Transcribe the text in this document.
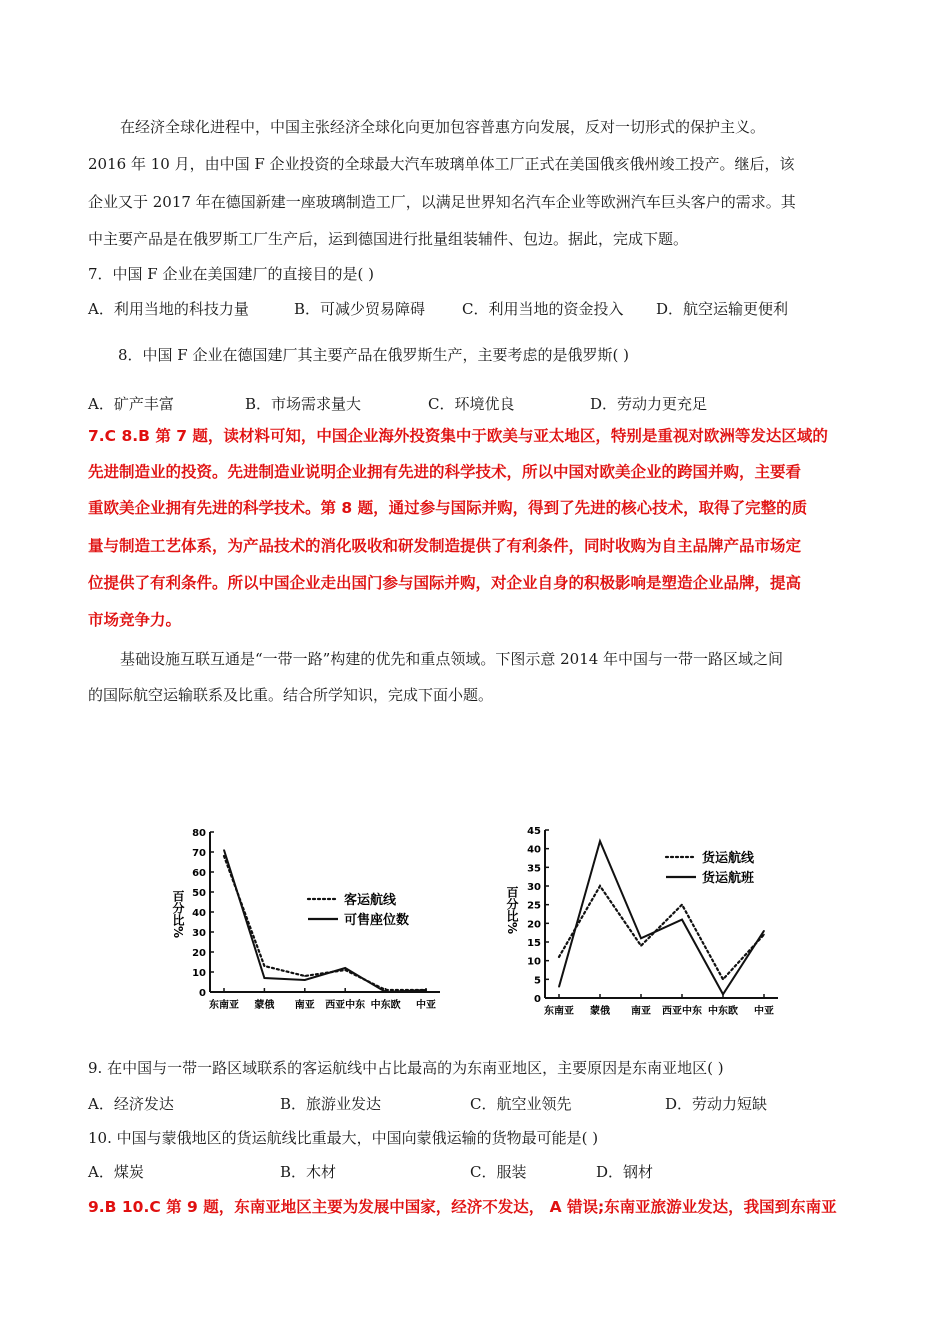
在经济全球化进程中，中国主张经济全球化向更加包容普惠方向发展，反对一切形式的保护主义。
2016 年 10 月，由中国 F 企业投资的全球最大汽车玻璃单体工厂正式在美国俄亥俄州竣工投产。继后，该
企业又于 2017 年在德国新建一座玻璃制造工厂，以满足世界知名汽车企业等欧洲汽车巨头客户的需求。其
中主要产品是在俄罗斯工厂生产后，运到德国进行批量组装辅件、包边。据此，完成下题。
7．中国 F 企业在美国建厂的直接目的是( )
A．利用当地的科技力量	B．可减少贸易障碍 C．利用当地的资金投入 D．航空运输更便利
8．中国 F 企业在德国建厂其主要产品在俄罗斯生产，主要考虑的是俄罗斯( )
A．矿产丰富	B．市场需求量大	C．环境优良	D．劳动力更充足
7.C 8.B 第 7 题，读材料可知，中国企业海外投资集中于欧美与亚太地区，特别是重视对欧洲等发达区域的
先进制造业的投资。先进制造业说明企业拥有先进的科学技术，所以中国对欧美企业的跨国并购，主要看
重欧美企业拥有先进的科学技术。第 8 题，通过参与国际并购，得到了先进的核心技术，取得了完整的质
量与制造工艺体系，为产品技术的消化吸收和研发制造提供了有利条件，同时收购为自主品牌产品市场定
位提供了有利条件。所以中国企业走出国门参与国际并购，对企业自身的积极影响是塑造企业品牌，提高
市场竞争力。
基础设施互联互通是“一带一路”构建的优先和重点领域。下图示意 2014 年中国与一带一路区域之间
的国际航空运输联系及比重。结合所学知识，完成下面小题。
0
10
20
30
40
50
60
70
80
百分比%
东南亚 蒙俄 南亚 西亚中东 中东欧 中亚
客运航线
可售座位数
0
5
10
15
20
25
30
35
40
45
百分比%
东南亚 蒙俄 南亚 西亚中东 中东欧 中亚
货运航线
货运航班
9. 在中国与一带一路区域联系的客运航线中占比最高的为东南亚地区，主要原因是东南亚地区( )
A．经济发达	B．旅游业发达	C．航空业领先	D．劳动力短缺
10. 中国与蒙俄地区的货运航线比重最大，中国向蒙俄运输的货物最可能是( )
A．煤炭	B．木材	C．服装	D．钢材
9.B 10.C 第 9 题，东南亚地区主要为发展中国家，经济不发达， A 错误;东南亚旅游业发达，我国到东南亚
